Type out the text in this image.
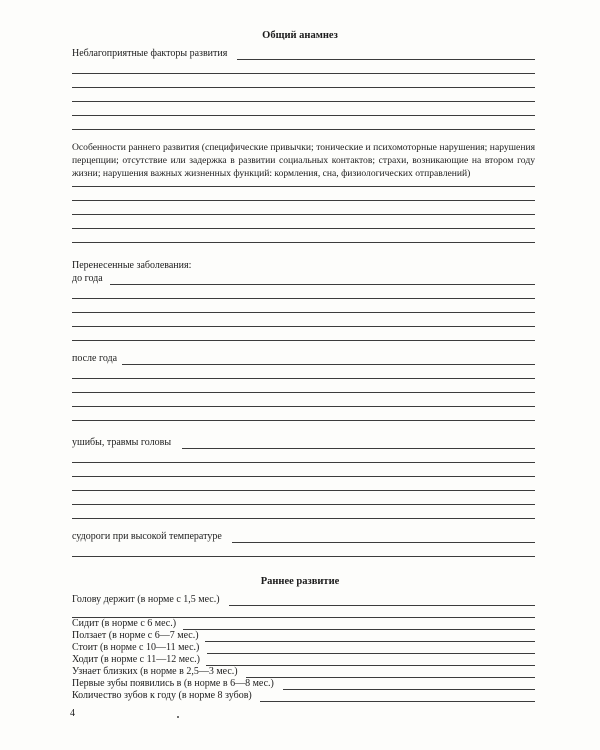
Общий анамнез
Неблагоприятные факторы развития
Особенности раннего развития (специфические привычки; тонические и психомоторные нарушения; нарушения перцепции; отсутствие или задержка в развитии социальных контактов; страхи, возникающие на втором году жизни; нарушения важных жизненных функций: кормления, сна, физиологических отправлений)
Перенесенные заболевания:
до года
после года
ушибы, травмы головы
судороги при высокой температуре
Раннее развитие
Голову держит (в норме с 1,5 мес.)
Сидит (в норме с 6 мес.)
Ползает (в норме с 6—7 мес.)
Стоит (в норме с 10—11 мес.)
Ходит (в норме с 11—12 мес.)
Узнает близких (в норме в 2,5—3 мес.)
Первые зубы появились в (в норме в 6—8 мес.)
Количество зубов к году (в норме 8 зубов)
4
